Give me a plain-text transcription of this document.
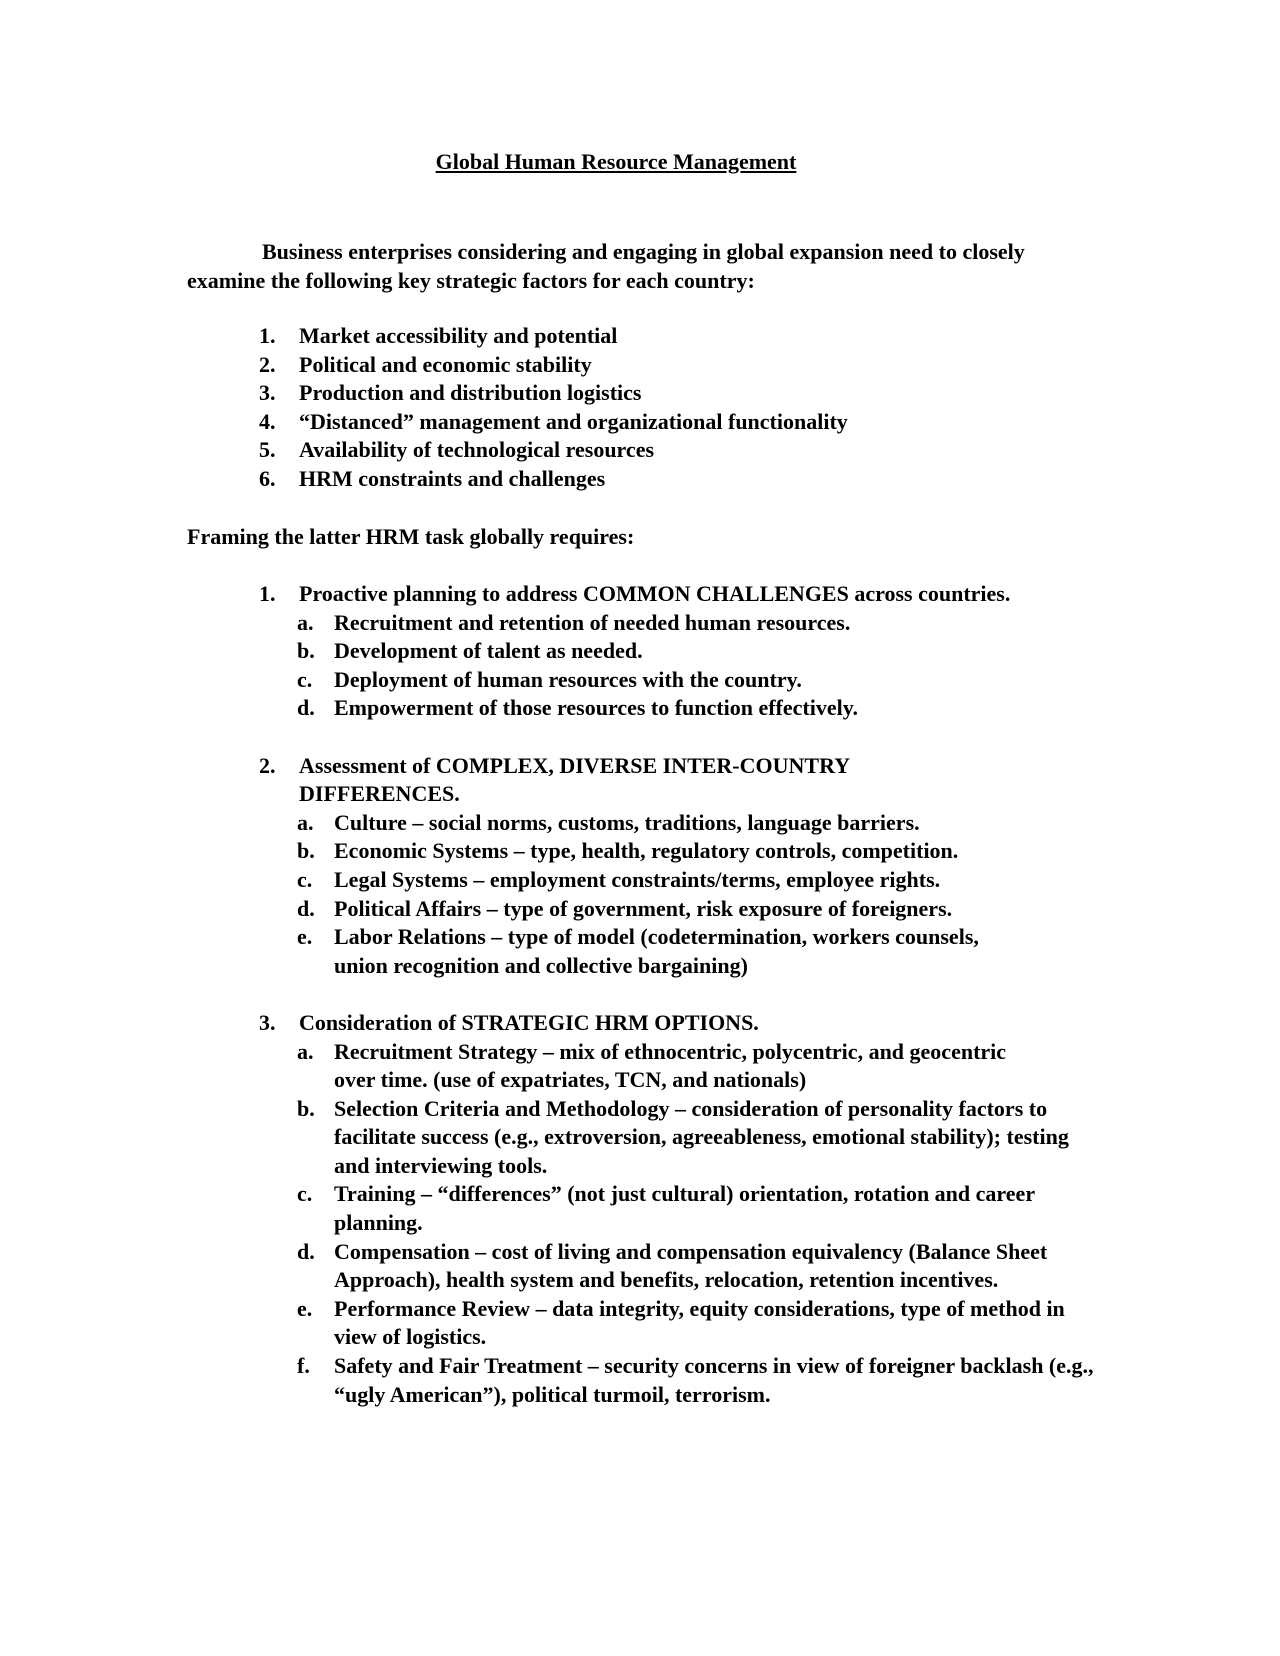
Global Human Resource Management
Business enterprises considering and engaging in global expansion need to closely examine the following key strategic factors for each country:
1. Market accessibility and potential
2. Political and economic stability
3. Production and distribution logistics
4. “Distanced” management and organizational functionality
5. Availability of technological resources
6. HRM constraints and challenges
Framing the latter HRM task globally requires:
1. Proactive planning to address COMMON CHALLENGES across countries.
a. Recruitment and retention of needed human resources.
b. Development of talent as needed.
c. Deployment of human resources with the country.
d. Empowerment of those resources to function effectively.
2. Assessment of COMPLEX, DIVERSE INTER-COUNTRY DIFFERENCES.
a. Culture – social norms, customs, traditions, language barriers.
b. Economic Systems – type, health, regulatory controls, competition.
c. Legal Systems – employment constraints/terms, employee rights.
d. Political Affairs – type of government, risk exposure of foreigners.
e. Labor Relations – type of model (codetermination, workers counsels, union recognition and collective bargaining)
3. Consideration of STRATEGIC HRM OPTIONS.
a. Recruitment Strategy – mix of ethnocentric, polycentric, and geocentric over time. (use of expatriates, TCN, and nationals)
b. Selection Criteria and Methodology – consideration of personality factors to facilitate success (e.g., extroversion, agreeableness, emotional stability); testing and interviewing tools.
c. Training – “differences” (not just cultural) orientation, rotation and career planning.
d. Compensation – cost of living and compensation equivalency (Balance Sheet Approach), health system and benefits, relocation, retention incentives.
e. Performance Review – data integrity, equity considerations, type of method in view of logistics.
f. Safety and Fair Treatment – security concerns in view of foreigner backlash (e.g., “ugly American”), political turmoil, terrorism.
